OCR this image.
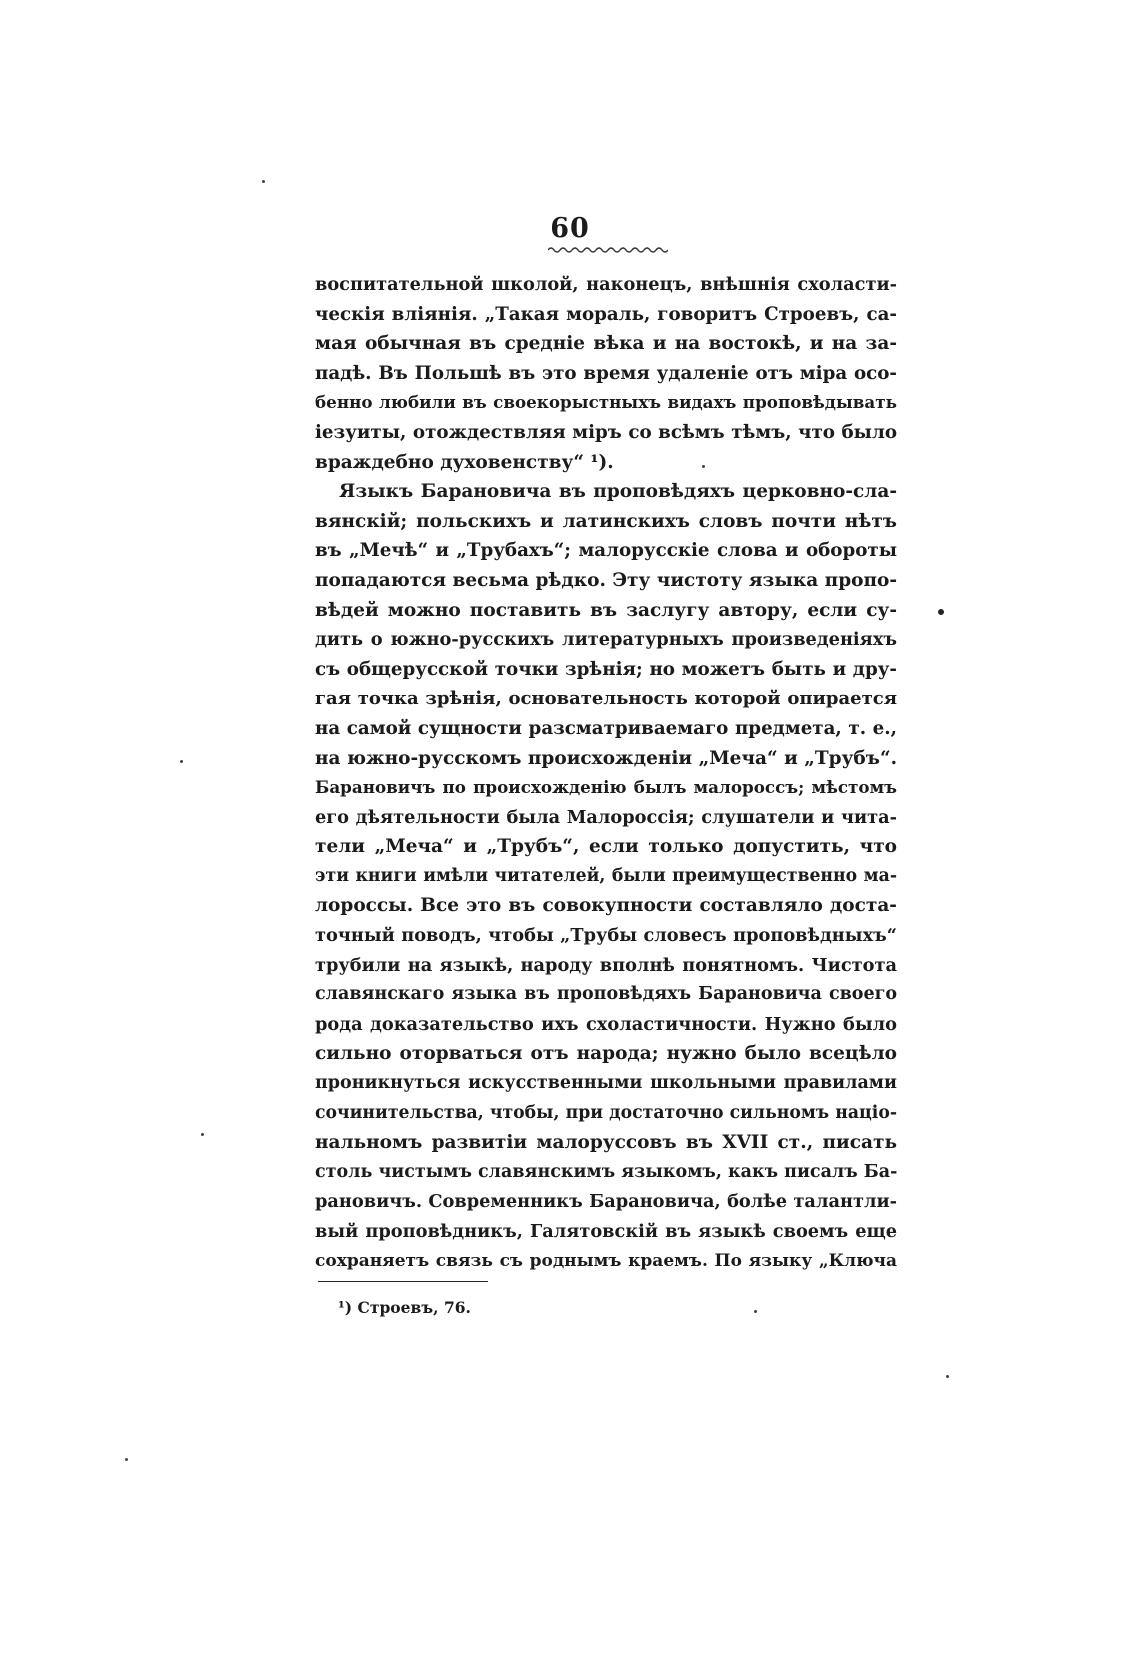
60
воспитательной школой, наконецъ, внѣшнія схоласти-
ческія вліянія. „Такая мораль, говоритъ Строевъ, са-
мая обычная въ средніе вѣка и на востокѣ, и на за-
падѣ. Въ Польшѣ въ это время удаленіе отъ міра осо-
бенно любили въ своекорыстныхъ видахъ проповѣдывать
іезуиты, отождествляя міръ со всѣмъ тѣмъ, что было
враждебно духовенству“ ¹).
Языкъ Барановича въ проповѣдяхъ церковно-сла-
вянскій; польскихъ и латинскихъ словъ почти нѣтъ
въ „Мечѣ“ и „Трубахъ“; малорусскіе слова и обороты
попадаются весьма рѣдко. Эту чистоту языка пропо-
вѣдей можно поставить въ заслугу автору, если су-
дить о южно-русскихъ литературныхъ произведеніяхъ
съ общерусской точки зрѣнія; но можетъ быть и дру-
гая точка зрѣнія, основательность которой опирается
на самой сущности разсматриваемаго предмета, т. е.,
на южно-русскомъ происхожденіи „Меча“ и „Трубъ“.
Барановичъ по происхожденію былъ малороссъ; мѣстомъ
его дѣятельности была Малороссія; слушатели и чита-
тели „Меча“ и „Трубъ“, если только допустить, что
эти книги имѣли читателей, были преимущественно ма-
лороссы. Все это въ совокупности составляло доста-
точный поводъ, чтобы „Трубы словесъ проповѣдныхъ“
трубили на языкѣ, народу вполнѣ понятномъ. Чистота
славянскаго языка въ проповѣдяхъ Барановича своего
рода доказательство ихъ схоластичности. Нужно было
сильно оторваться отъ народа; нужно было всецѣло
проникнуться искусственными школьными правилами
сочинительства, чтобы, при достаточно сильномъ націо-
нальномъ развитіи малоруссовъ въ XVII ст., писать
столь чистымъ славянскимъ языкомъ, какъ писалъ Ба-
рановичъ. Современникъ Барановича, болѣе талантли-
вый проповѣдникъ, Галятовскій въ языкѣ своемъ еще
сохраняетъ связь съ роднымъ краемъ. По языку „Ключа
¹) Строевъ, 76.
